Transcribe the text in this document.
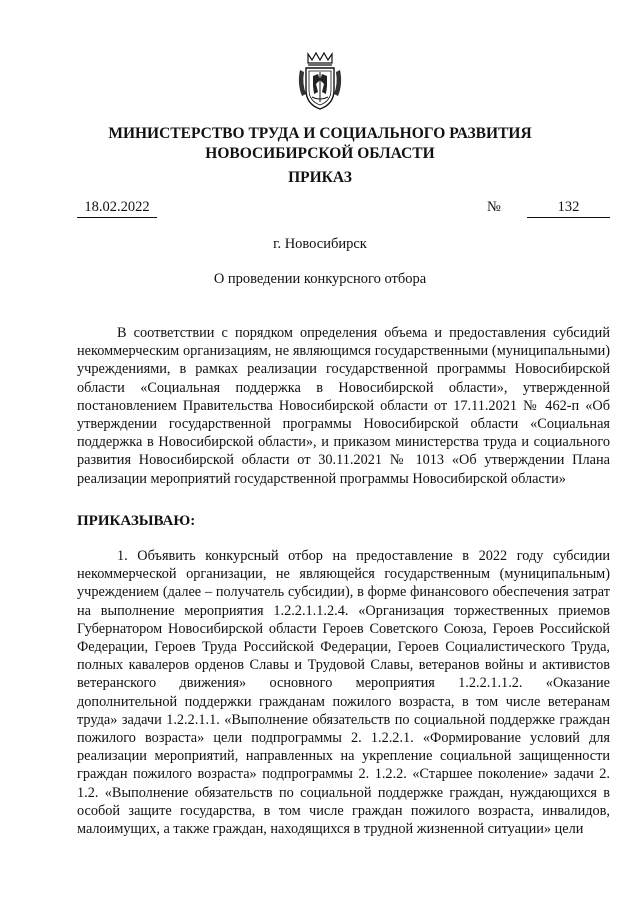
МИНИСТЕРСТВО ТРУДА И СОЦИАЛЬНОГО РАЗВИТИЯ
НОВОСИБИРСКОЙ ОБЛАСТИ
ПРИКАЗ
18.02.2022	№	132
г. Новосибирск
О проведении конкурсного отбора

В соответствии с порядком определения объема и предоставления субсидий некоммерческим организациям, не являющимся государственными (муниципальными) учреждениями, в рамках реализации государственной программы Новосибирской области «Социальная поддержка в Новосибирской области», утвержденной постановлением Правительства Новосибирской области от 17.11.2021 № 462-п «Об утверждении государственной программы Новосибирской области «Социальная поддержка в Новосибирской области», и приказом министерства труда и социального развития Новосибирской области от 30.11.2021 № 1013 «Об утверждении Плана реализации мероприятий государственной программы Новосибирской области»

ПРИКАЗЫВАЮ:

1. Объявить конкурсный отбор на предоставление в 2022 году субсидии некоммерческой организации, не являющейся государственным (муниципальным) учреждением (далее – получатель субсидии), в форме финансового обеспечения затрат на выполнение мероприятия 1.2.2.1.1.2.4. «Организация торжественных приемов Губернатором Новосибирской области Героев Советского Союза, Героев Российской Федерации, Героев Труда Российской Федерации, Героев Социалистического Труда, полных кавалеров орденов Славы и Трудовой Славы, ветеранов войны и активистов ветеранского движения» основного мероприятия 1.2.2.1.1.2. «Оказание дополнительной поддержки гражданам пожилого возраста, в том числе ветеранам труда» задачи 1.2.2.1.1. «Выполнение обязательств по социальной поддержке граждан пожилого возраста» цели подпрограммы 2. 1.2.2.1. «Формирование условий для реализации мероприятий, направленных на укрепление социальной защищенности граждан пожилого возраста» подпрограммы 2. 1.2.2. «Старшее поколение» задачи 2. 1.2. «Выполнение обязательств по социальной поддержке граждан, нуждающихся в особой защите государства, в том числе граждан пожилого возраста, инвалидов, малоимущих, а также граждан, находящихся в трудной жизненной ситуации» цели
